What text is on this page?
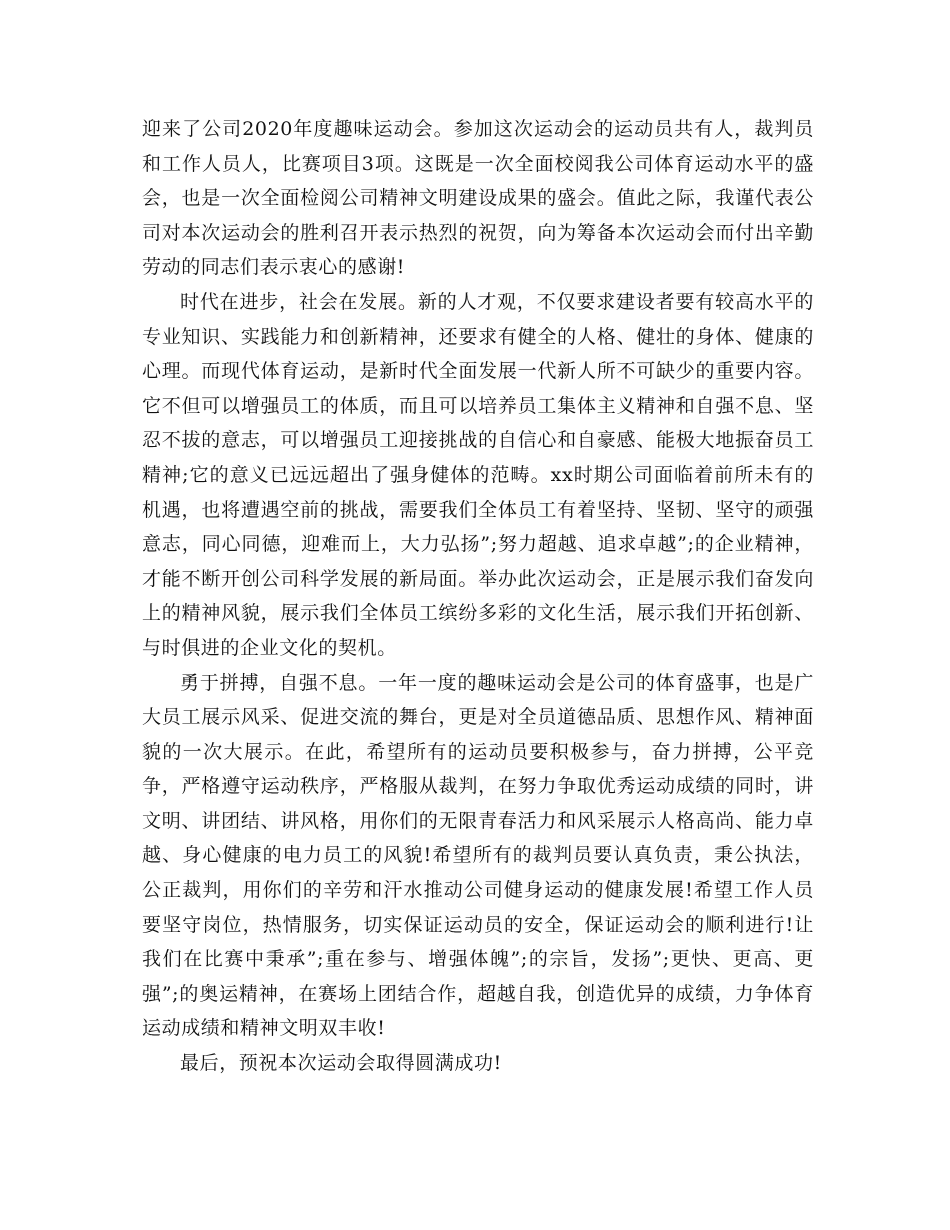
迎来了公司2020年度趣味运动会。参加这次运动会的运动员共有人，裁判员和工作人员人，比赛项目3项。这既是一次全面校阅我公司体育运动水平的盛会，也是一次全面检阅公司精神文明建设成果的盛会。值此之际，我谨代表公司对本次运动会的胜利召开表示热烈的祝贺，向为筹备本次运动会而付出辛勤劳动的同志们表示衷心的感谢!

时代在进步，社会在发展。新的人才观，不仅要求建设者要有较高水平的专业知识、实践能力和创新精神，还要求有健全的人格、健壮的身体、健康的心理。而现代体育运动，是新时代全面发展一代新人所不可缺少的重要内容。它不但可以增强员工的体质，而且可以培养员工集体主义精神和自强不息、坚忍不拔的意志，可以增强员工迎接挑战的自信心和自豪感、能极大地振奋员工精神;它的意义已远远超出了强身健体的范畴。xx时期公司面临着前所未有的机遇，也将遭遇空前的挑战，需要我们全体员工有着坚持、坚韧、坚守的顽强意志，同心同德，迎难而上，大力弘扬”;努力超越、追求卓越”;的企业精神，才能不断开创公司科学发展的新局面。举办此次运动会，正是展示我们奋发向上的精神风貌，展示我们全体员工缤纷多彩的文化生活，展示我们开拓创新、与时俱进的企业文化的契机。

勇于拼搏，自强不息。一年一度的趣味运动会是公司的体育盛事，也是广大员工展示风采、促进交流的舞台，更是对全员道德品质、思想作风、精神面貌的一次大展示。在此，希望所有的运动员要积极参与，奋力拼搏，公平竞争，严格遵守运动秩序，严格服从裁判，在努力争取优秀运动成绩的同时，讲文明、讲团结、讲风格，用你们的无限青春活力和风采展示人格高尚、能力卓越、身心健康的电力员工的风貌!希望所有的裁判员要认真负责，秉公执法，公正裁判，用你们的辛劳和汗水推动公司健身运动的健康发展!希望工作人员要坚守岗位，热情服务，切实保证运动员的安全，保证运动会的顺利进行!让我们在比赛中秉承”;重在参与、增强体魄”;的宗旨，发扬”;更快、更高、更强”;的奥运精神，在赛场上团结合作，超越自我，创造优异的成绩，力争体育运动成绩和精神文明双丰收!

最后，预祝本次运动会取得圆满成功!
